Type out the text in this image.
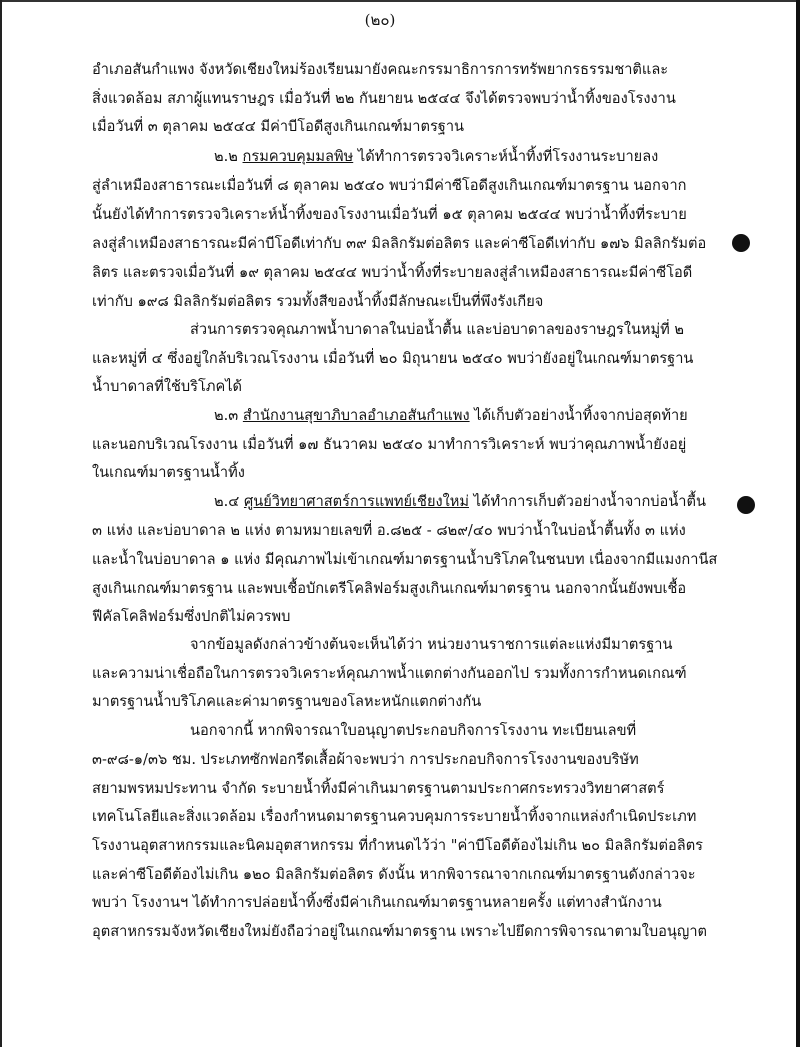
(๒๐)
อำเภอสันกำแพง จังหวัดเชียงใหม่ร้องเรียนมายังคณะกรรมาธิการการทรัพยากรธรรมชาติและ
สิ่งแวดล้อม สภาผู้แทนราษฎร เมื่อวันที่ ๒๒ กันยายน ๒๕๔๔ จึงได้ตรวจพบว่าน้ำทิ้งของโรงงาน
เมื่อวันที่ ๓ ตุลาคม ๒๕๔๔ มีค่าบีโอดีสูงเกินเกณฑ์มาตรฐาน
๒.๒ กรมควบคุมมลพิษ ได้ทำการตรวจวิเคราะห์น้ำทิ้งที่โรงงานระบายลง
สู่ลำเหมืองสาธารณะเมื่อวันที่ ๘ ตุลาคม ๒๕๔๐ พบว่ามีค่าซีโอดีสูงเกินเกณฑ์มาตรฐาน นอกจาก
นั้นยังได้ทำการตรวจวิเคราะห์น้ำทิ้งของโรงงานเมื่อวันที่ ๑๕ ตุลาคม ๒๕๔๔ พบว่าน้ำทิ้งที่ระบาย
ลงสู่ลำเหมืองสาธารณะมีค่าบีโอดีเท่ากับ ๓๙ มิลลิกรัมต่อลิตร และค่าซีโอดีเท่ากับ ๑๗๖ มิลลิกรัมต่อ
ลิตร และตรวจเมื่อวันที่ ๑๙ ตุลาคม ๒๕๔๔ พบว่าน้ำทิ้งที่ระบายลงสู่ลำเหมืองสาธารณะมีค่าซีโอดี
เท่ากับ ๑๙๘ มิลลิกรัมต่อลิตร รวมทั้งสีของน้ำทิ้งมีลักษณะเป็นที่พึงรังเกียจ
ส่วนการตรวจคุณภาพน้ำบาดาลในบ่อน้ำตื้น และบ่อบาดาลของราษฎรในหมู่ที่ ๒
และหมู่ที่ ๔ ซึ่งอยู่ใกล้บริเวณโรงงาน เมื่อวันที่ ๒๐ มิถุนายน ๒๕๔๐ พบว่ายังอยู่ในเกณฑ์มาตรฐาน
น้ำบาดาลที่ใช้บริโภคได้
๒.๓ สำนักงานสุขาภิบาลอำเภอสันกำแพง ได้เก็บตัวอย่างน้ำทิ้งจากบ่อสุดท้าย
และนอกบริเวณโรงงาน เมื่อวันที่ ๑๗ ธันวาคม ๒๕๔๐ มาทำการวิเคราะห์ พบว่าคุณภาพน้ำยังอยู่
ในเกณฑ์มาตรฐานน้ำทิ้ง
๒.๔ ศูนย์วิทยาศาสตร์การแพทย์เชียงใหม่ ได้ทำการเก็บตัวอย่างน้ำจากบ่อน้ำตื้น
๓ แห่ง และบ่อบาดาล ๒ แห่ง ตามหมายเลขที่ อ.๘๒๕ - ๘๒๙/๔๐ พบว่าน้ำในบ่อน้ำตื้นทั้ง ๓ แห่ง
และน้ำในบ่อบาดาล ๑ แห่ง มีคุณภาพไม่เข้าเกณฑ์มาตรฐานน้ำบริโภคในชนบท เนื่องจากมีแมงกานีส
สูงเกินเกณฑ์มาตรฐาน และพบเชื้อบักเตรีโคลิฟอร์มสูงเกินเกณฑ์มาตรฐาน นอกจากนั้นยังพบเชื้อ
ฟีคัลโคลิฟอร์มซึ่งปกติไม่ควรพบ
จากข้อมูลดังกล่าวข้างต้นจะเห็นได้ว่า หน่วยงานราชการแต่ละแห่งมีมาตรฐาน
และความน่าเชื่อถือในการตรวจวิเคราะห์คุณภาพน้ำแตกต่างกันออกไป รวมทั้งการกำหนดเกณฑ์
มาตรฐานน้ำบริโภคและค่ามาตรฐานของโลหะหนักแตกต่างกัน
นอกจากนี้ หากพิจารณาใบอนุญาตประกอบกิจการโรงงาน ทะเบียนเลขที่
๓-๙๘-๑/๓๖ ชม. ประเภทซักฟอกรีดเสื้อผ้าจะพบว่า การประกอบกิจการโรงงานของบริษัท
สยามพรหมประทาน จำกัด ระบายน้ำทิ้งมีค่าเกินมาตรฐานตามประกาศกระทรวงวิทยาศาสตร์
เทคโนโลยีและสิ่งแวดล้อม เรื่องกำหนดมาตรฐานควบคุมการระบายน้ำทิ้งจากแหล่งกำเนิดประเภท
โรงงานอุตสาหกรรมและนิคมอุตสาหกรรม ที่กำหนดไว้ว่า "ค่าบีโอดีต้องไม่เกิน ๒๐ มิลลิกรัมต่อลิตร
และค่าซีโอดีต้องไม่เกิน ๑๒๐ มิลลิกรัมต่อลิตร ดังนั้น หากพิจารณาจากเกณฑ์มาตรฐานดังกล่าวจะ
พบว่า โรงงานฯ ได้ทำการปล่อยน้ำทิ้งซึ่งมีค่าเกินเกณฑ์มาตรฐานหลายครั้ง แต่ทางสำนักงาน
อุตสาหกรรมจังหวัดเชียงใหม่ยังถือว่าอยู่ในเกณฑ์มาตรฐาน เพราะไปยึดการพิจารณาตามใบอนุญาต
